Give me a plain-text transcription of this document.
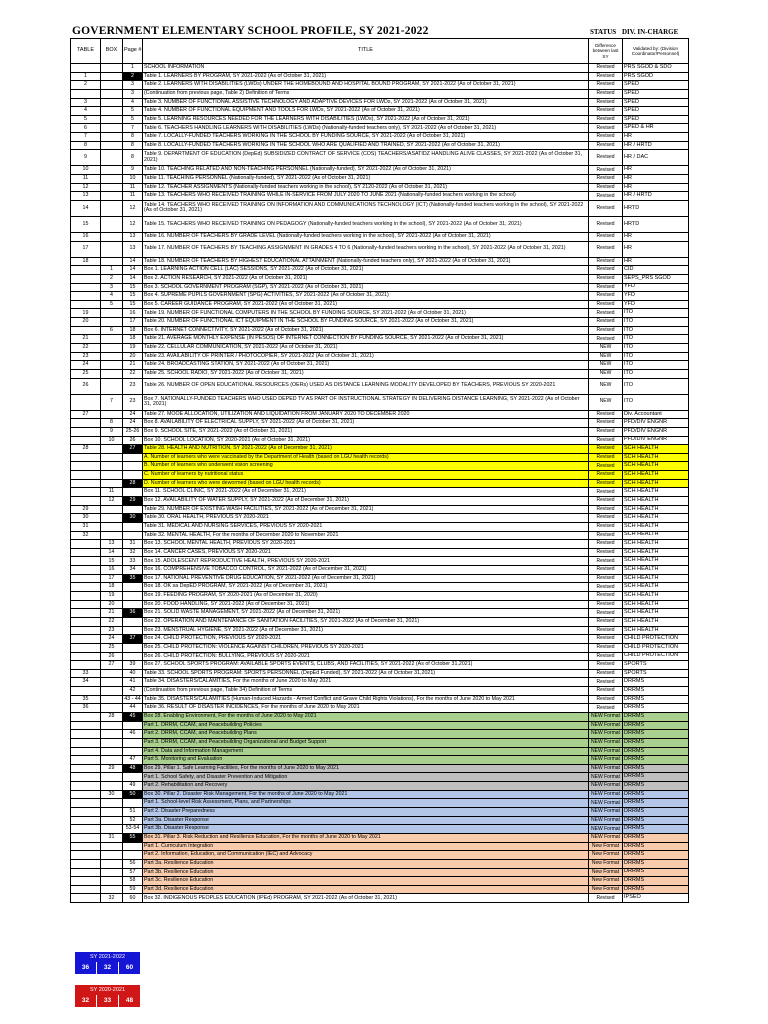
GOVERNMENT ELEMENTARY SCHOOL PROFILE, SY 2021-2022	STATUS DIV. IN-CHARGE
TABLE	BOX	Page #	TITLE	Difference between last SY	Validated by: (Division Coordinator/Personnel)
		1	SCHOOL INFORMATION	Revised	PRS SGOD & SDO
1		2	Table 1. LEARNERS BY PROGRAM, SY 2021-2022 (As of October 31, 2021)	Revised	PRS SGOD
2		3	Table 2. LEARNERS WITH DISABILITIES (LWDs) UNDER THE HOMEBOUND AND HOSPITAL BOUND PROGRAM, SY 2021-2022 (As of October 31, 2021)	Revised	SPED
		3	(Continuation from previous page, Table 2) Definition of Terms	Revised	SPED
3		4	Table 3. NUMBER OF FUNCTIONAL ASSISTIVE TECHNOLOGY AND ADAPTIVE DEVICES FOR LWDs, SY 2021-2022 (As of October 31, 2021)	Revised	SPED
4		5	Table 4. NUMBER OF FUNCTIONAL EQUIPMENT AND TOOLS FOR LWDs, SY 2021-2022 (As of October 31, 2021)	Revised	SPED
5		5	Table 5. LEARNING RESOURCES NEEDED FOR THE LEARNERS WITH DISABILITIES (LWDs), SY 2021-2022 (As of October 31, 2021)	Revised	SPED
6		7	Table 6. TEACHERS HANDLING LEARNERS WITH DISABILITIES (LWDs) (Nationally-funded teachers only), SY 2021-2022 (As of October 31, 2021)	Revised	SPED & HR
7		8	Table 7. LOCALLY-FUNDED TEACHERS WORKING IN THE SCHOOL BY FUNDING SOURCE, SY 2021-2022 (As of October 31, 2021)	Revised	HR
8		8	Table 8. LOCALLY-FUNDED TEACHERS WORKING IN THE SCHOOL WHO ARE QUALIFIED AND TRAINED, SY 2021-2022 (As of October 31, 2021)	Revised	HR / HRTD
9		8	Table 9. DEPARTMENT OF EDUCATION (DepEd) SUBSIDIZED CONTRACT OF SERVICE (COS) TEACHERS/ASATIDZ HANDLING ALIVE CLASSES, SY 2021-2022 (As of October 31, 2021)	Revised	HR / DAC
10		9	Table 10. TEACHING RELATED AND NON-TEACHING PERSONNEL (Nationally-funded), SY 2021-2022 (As of October 31, 2021)	Revised	HR
11		10	Table 11. TEACHING PERSONNEL (Nationally-funded), SY 2021-2022 (As of October 31, 2021)	Revised	HR
12		11	Table 12. TEACHER ASSIGNMENTS (Nationally-funded teachers working in the school), SY 2120-2022 (As of October 31, 2021)	Revised	HR
13		11	Table 13. TEACHERS WHO RECEIVED TRAINING WHILE IN-SERVICE FROM JULY 2020 TO JUNE 2021 (Nationally-funded teachers working in the school)	Revised	HR / HRTD
14		12	Table 14. TEACHERS WHO RECEIVED TRAINING ON INFORMATION AND COMMUNICATIONS TECHNOLOGY (ICT) (Nationally-funded teachers working in the school), SY 2021-2022 (As of October 31, 2021)	Revised	HRTD
15		12	Table 15. TEACHERS WHO RECEIVED TRAINING ON PEDAGOGY (Nationally-funded teachers working in the school), SY 2021-2022 (As of October 31, 2021)	Revised	HRTD
16		13	Table 16. NUMBER OF TEACHERS BY GRADE LEVEL (Nationally-funded teachers working in the school), SY 2021-2022 (As of October 31, 2021)	Revised	HR
17		13	Table 17. NUMBER OF TEACHERS BY TEACHING ASSIGNMENT IN GRADES 4 TO 6 (Nationally-funded teachers working in the school), SY 2021-2022 (As of October 31, 2021)	Revised	HR
18		14	Table 18. NUMBER OF TEACHERS BY HIGHEST EDUCATIONAL ATTAINMENT (Nationally-funded teachers only), SY 2021-2022 (As of October 31, 2021)	Revised	HR
	1	14	Box 1. LEARNING ACTION CELL (LAC) SESSIONS, SY 2021-2022 (As of October 31, 2021)	Revised	CID
	2	14	Box 2. ACTION RESEARCH, SY 2021-2022 (As of October 31, 2021)	Revised	SEPS_PRS SGOD
	3	15	Box 3. SCHOOL GOVERNMENT PROGRAM (SGP), SY 2021-2022 (As of October 31, 2021)	Revised	YFD
	4	15	Box 4. SUPREME PUPILS GOVERNMENT (SPG) ACTIVITIES, SY 2021-2022 (As of October 31, 2021)	Revised	YFD
	5	15	Box 5. CAREER GUIDANCE PROGRAM, SY 2021-2022 (As of October 31, 2021)	Revised	YFD
19		16	Table 19. NUMBER OF FUNCTIONAL COMPUTERS IN THE SCHOOL BY FUNDING SOURCE, SY 2021-2022 (As of October 31, 2021)	Revised	ITO
20		17	Table 20. NUMBER OF FUNCTIONAL ICT EQUIPMENT IN THE SCHOOL BY FUNDING SOURCE, SY 2021-2022 (As of October 31, 2021)	Revised	ITO
	6	18	Box 6. INTERNET CONNECTIVITY, SY 2021-2022 (As of October 31, 2021)	Revised	ITO
21		18	Table 21. AVERAGE MONTHLY EXPENSE (IN PESOS) OF INTERNET CONNECTION BY FUNDING SOURCE, SY 2021-2022 (As of October 31, 2021)	Revised	ITO
22		19	Table 22. CELLULAR COMMUNICATION, SY 2021-2022 (As of October 31, 2021)	NEW	ITO
23		20	Table 23. AVAILABILITY OF PRINTER / PHOTOCOPIER, SY 2021-2022 (As of October 31, 2021)	NEW	ITO
24		21	Table 24. BROADCASTING STATION, SY 2021-2022 (As of October 31, 2021)	NEW	ITO
25		22	Table 25. SCHOOL RADIO, SY 2021-2022 (As of October 31, 2021)	NEW	ITO
26		23	Table 26. NUMBER OF OPEN EDUCATIONAL RESOURCES (OERs) USED AS DISTANCE LEARNING MODALITY DEVELOPED BY TEACHERS, PREVIOUS SY 2020-2021	NEW	ITO
	7	23	Box 7. NATIONALLY-FUNDED TEACHERS WHO USED DEPED TV AS PART OF INSTRUCTIONAL STRATEGY IN DELIVERING DISTANCE LEARNING, SY 2021-2022 (As of October 31, 2021)	NEW	ITO
27		24	Table 27. MOOE ALLOCATION, UTILIZATION AND LIQUIDATION FROM JANUARY 2020 TO DECEMBER 2020	Revised	Div. Accountant
	8	24	Box 8. AVAILABILITY OF ELECTRICAL SUPPLY, SY 2021-2022 (As of October 31, 2021)	Revised	PFD/DIV ENGNR
	9	25-26	Box 9. SCHOOL SITE, SY 2021-2022 (As of October 31, 2021)	Revised	PFD/DIV ENGNR
	10	26	Box 10. SCHOOL LOCATION, SY 2020-2021 (As of October 31, 2021)	Revised	PFD/DIV ENGNR
28		27	Table 28. HEALTH AND NUTRITION, SY 2021-2022 (As of December 31, 2021)	Revised	SCH HEALTH
			A. Number of learners who were vaccinated by the Department of Health (based on LGU health records)	Revised	SCH HEALTH
			B. Number of learners who underwent vision screening	Revised	SCH HEALTH
			C. Number of learners by nutritional status	Revised	SCH HEALTH
		28	D. Number of learners who were dewormed (based on LGU health records)	Revised	SCH HEALTH
	11		Box 11. SCHOOL CLINIC, SY 2021-2022 (As of December 31, 2021)	Revised	SCH HEALTH
	12	29	Box 12. AVAILABILITY OF WATER SUPPLY, SY 2021-2022 (As of December 31, 2021)	Revised	SCH HEALTH
29			Table 29. NUMBER OF EXISTING WASH FACILITIES, SY 2021-2022 (As of December 31, 2021)	Revised	SCH HEALTH
30		30	Table 30. ORAL HEALTH, PREVIOUS SY 2020-2021	Revised	SCH HEALTH
31			Table 31. MEDICAL AND NURSING SERVICES, PREVIOUS SY 2020-2021	Revised	SCH HEALTH
32			Table 32. MENTAL HEALTH, For the months of December 2020 to November 2021	Revised	SCH HEALTH
	13	31	Box 13. SCHOOL MENTAL HEALTH, PREVIOUS SY 2020-2021	Revised	SCH HEALTH
	14	32	Box 14. CANCER CASES, PREVIOUS SY 2020-2021	Revised	SCH HEALTH
	15	33	Box 15. ADOLESCENT REPRODUCTIVE HEALTH, PREVIOUS SY 2020-2021	Revised	SCH HEALTH
	16	34	Box 16. COMPREHENSIVE TOBACCO CONTROL, SY 2021-2022 (As of December 31, 2021)	Revised	SCH HEALTH
	17	35	Box 17. NATIONAL PREVENTIVE DRUG EDUCATION, SY 2021-2022 (As of December 31, 2021)	Revised	SCH HEALTH
	18		Box 18. OK sa DepED PROGRAM, SY 2021-2022 (As of December 31, 2021)	Revised	SCH HEALTH
	19		Box 19. FEEDING PROGRAM, SY 2020-2021 (As of December 31, 2020)	Revised	SCH HEALTH
	20		Box 20. FOOD HANDLING, SY 2021-2022 (As of December 31, 2021)	Revised	SCH HEALTH
	21	36	Box 21. SOLID WASTE MANAGEMENT, SY 2021-2022 (As of December 31, 2021)	Revised	SCH HEALTH
	22		Box 22. OPERATION AND MAINTENANCE OF SANITATION FACILITIES, SY 2021-2022 (As of December 31, 2021)	Revised	SCH HEALTH
	23		Box 23. MENSTRUAL HYGIENE, SY 2021-2022 (As of December 31, 2021)	Revised	SCH HEALTH
	24	37	Box 24. CHILD PROTECTION, PREVIOUS SY 2020-2021	Revised	CHILD PROTECTION
	25		Box 25. CHILD PROTECTION: VIOLENCE AGAINST CHILDREN, PREVIOUS SY 2020-2021	Revised	CHILD PROTECTION
	26		Box 26. CHILD PROTECTION: BULLYING, PREVIOUS SY 2020-2021	Revised	CHILD PROTECTION
	27	39	Box 27. SCHOOL SPORTS PROGRAM: AVAILABLE SPORTS EVENTS, CLUBS, AND FACILITIES, SY 2021-2022 (As of October 31,2021)	Revised	SPORTS
33		40	Table 33. SCHOOL SPORTS PROGRAM: SPORTS PERSONNEL (DepEd Funded), SY 2021-2022 (As of October 31,2021)	Revised	SPORTS
34		41	Table 34. DISASTERS/CALAMITIES, For the months of June 2020 to May 2021	Revised	DRRMS
		42	(Continuation from previous page, Table 34) Definition of Terms	Revised	DRRMS
35		43 - 44	Table 35. DISASTERS/CALAMITIES (Human-Induced Hazards - Armed Conflict and Grave Child Rights Violations), For the months of June 2020 to May 2021	Revised	DRRMS
36		44	Table 36. RESULT OF DISASTER INCIDENCES, For the months of June 2020 to May 2021	Revised	DRRMS
	28	45	Box 28. Enabling Environment, For the months of June 2020 to May 2021	NEW Format	DRRMS
			Part 1. DRRM, CCAM, and Peacebuilding Policies	NEW Format	DRRMS
		46	Part 2. DRRM, CCAM, and Peacebuilding Plans	NEW Format	DRRMS
			Part 3. DRRM, CCAM, and Peacebuilding Organizational and Budget Support	NEW Format	DRRMS
			Part 4. Data and Information Management	NEW Format	DRRMS
		47	Part 5. Monitoring and Evaluation	NEW Format	DRRMS
	29	48	Box 29. Pillar 1. Safe Learning Facilities, For the months of June 2020 to May 2021	NEW Format	DRRMS
			Part 1. School Safety, and Disaster Prevention and Mitigation	NEW Format	DRRMS
		49	Part 2. Rehabilitation and Recovery	NEW Format	DRRMS
	30	50	Box 30. Pillar 2. Disaster Risk Management, For the months of June 2020 to May 2021	NEW Format	DRRMS
			Part 1. School-level Risk Assessment, Plans, and Partnerships	NEW Format	DRRMS
		51	Part 2. Disaster Preparedness	NEW Format	DRRMS
		52	Part 3a. Disaster Response	NEW Format	DRRMS
		53-54	Part 3b. Disaster Response	NEW Format	DRRMS
	31	55	Box 31. Pillar 3. Risk Reduction and Resilience Education, For the months of June 2020 to May 2021	NEW Format	DRRMS
			Part 1. Curriculum Integration	New Format	DRRMS
			Part 2. Information, Education, and Communication (IEC) and Advocacy	New Format	DRRMS
		56	Part 3a. Resilience Education	New Format	DRRMS
		57	Part 3b. Resilience Education	New Format	DRRMS
		58	Part 3c. Resilience Education	New Format	DRRMS
		59	Part 3d. Resilience Education	New Format	DRRMS
	32	60	Box 32. INDIGENOUS PEOPLES EDUCATION (IPEd) PROGRAM, SY 2021-2022 (As of October 31, 2021)	Revised	IPSEO
SY 2021-2022
36	32	60
SY 2020-2021
32	33	48
